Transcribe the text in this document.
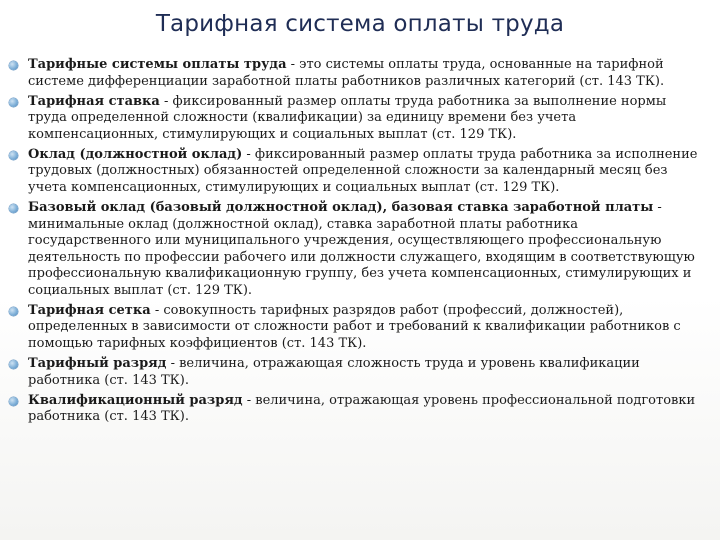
Тарифная система оплаты труда
Тарифные системы оплаты труда - это системы оплаты труда, основанные на тарифной системе дифференциации заработной платы работников различных категорий (ст. 143 ТК).
Тарифная ставка - фиксированный размер оплаты труда работника за выполнение нормы труда определенной сложности (квалификации) за единицу времени без учета компенсационных, стимулирующих и социальных выплат (ст. 129 ТК).
Оклад (должностной оклад) - фиксированный размер оплаты труда работника за исполнение трудовых (должностных) обязанностей определенной сложности за календарный месяц без учета компенсационных, стимулирующих и социальных выплат (ст. 129 ТК).
Базовый оклад (базовый должностной оклад), базовая ставка заработной платы - минимальные оклад (должностной оклад), ставка заработной платы работника государственного или муниципального учреждения, осуществляющего профессиональную деятельность по профессии рабочего или должности служащего, входящим в соответствующую профессиональную квалификационную группу, без учета компенсационных, стимулирующих и социальных выплат (ст. 129 ТК).
Тарифная сетка - совокупность тарифных разрядов работ (профессий, должностей), определенных в зависимости от сложности работ и требований к квалификации работников с помощью тарифных коэффициентов (ст. 143 ТК).
Тарифный разряд - величина, отражающая сложность труда и уровень квалификации работника (ст. 143 ТК).
Квалификационный разряд - величина, отражающая уровень профессиональной подготовки работника (ст. 143 ТК).
